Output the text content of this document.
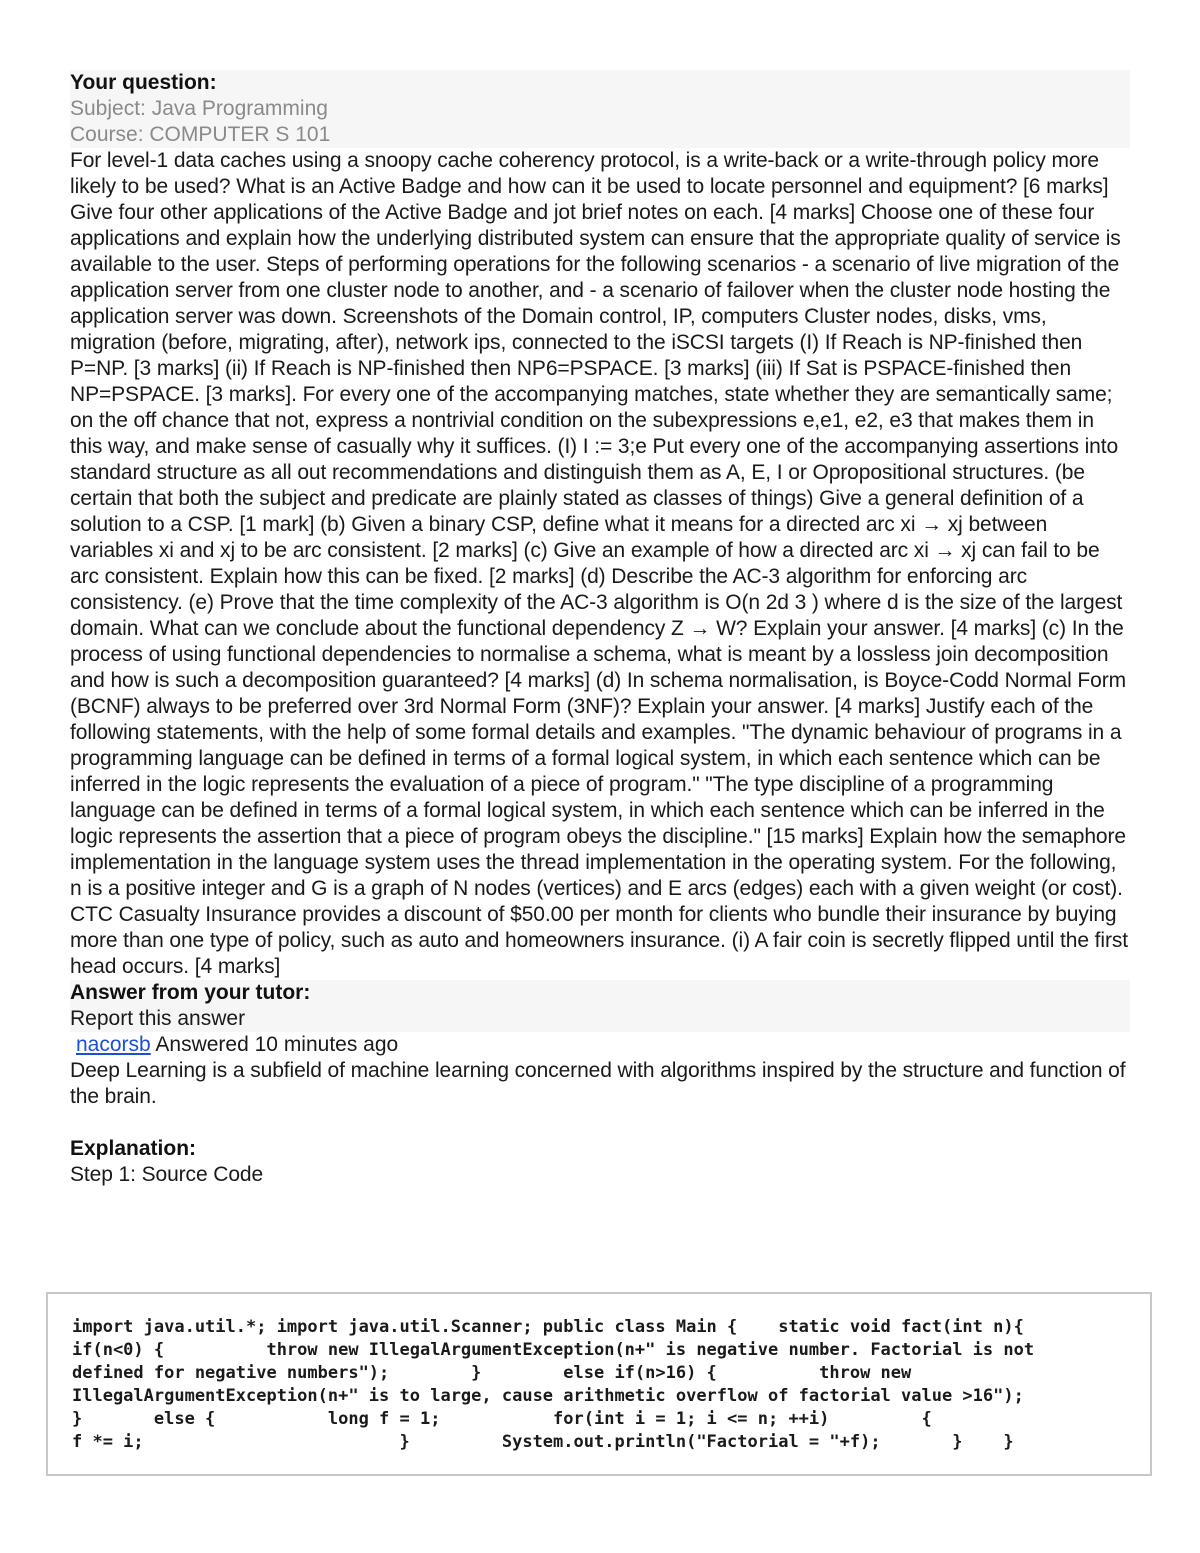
Your question:
Subject: Java Programming
Course: COMPUTER S 101
For level-1 data caches using a snoopy cache coherency protocol, is a write-back or a write-through policy more likely to be used? What is an Active Badge and how can it be used to locate personnel and equipment? [6 marks] Give four other applications of the Active Badge and jot brief notes on each. [4 marks] Choose one of these four applications and explain how the underlying distributed system can ensure that the appropriate quality of service is available to the user. Steps of performing operations for the following scenarios - a scenario of live migration of the application server from one cluster node to another, and - a scenario of failover when the cluster node hosting the application server was down. Screenshots of the Domain control, IP, computers Cluster nodes, disks, vms, migration (before, migrating, after), network ips, connected to the iSCSI targets (I) If Reach is NP-finished then P=NP. [3 marks] (ii) If Reach is NP-finished then NP6=PSPACE. [3 marks] (iii) If Sat is PSPACE-finished then NP=PSPACE. [3 marks]. For every one of the accompanying matches, state whether they are semantically same; on the off chance that not, express a nontrivial condition on the subexpressions e,e1, e2, e3 that makes them in this way, and make sense of casually why it suffices. (I) I := 3;e Put every one of the accompanying assertions into standard structure as all out recommendations and distinguish them as A, E, I or Opropositional structures. (be certain that both the subject and predicate are plainly stated as classes of things) Give a general definition of a solution to a CSP. [1 mark] (b) Given a binary CSP, define what it means for a directed arc xi → xj between variables xi and xj to be arc consistent. [2 marks] (c) Give an example of how a directed arc xi → xj can fail to be arc consistent. Explain how this can be fixed. [2 marks] (d) Describe the AC-3 algorithm for enforcing arc consistency. (e) Prove that the time complexity of the AC-3 algorithm is O(n 2d 3 ) where d is the size of the largest domain. What can we conclude about the functional dependency Z → W? Explain your answer. [4 marks] (c) In the process of using functional dependencies to normalise a schema, what is meant by a lossless join decomposition and how is such a decomposition guaranteed? [4 marks] (d) In schema normalisation, is Boyce-Codd Normal Form (BCNF) always to be preferred over 3rd Normal Form (3NF)? Explain your answer. [4 marks] Justify each of the following statements, with the help of some formal details and examples. "The dynamic behaviour of programs in a programming language can be defined in terms of a formal logical system, in which each sentence which can be inferred in the logic represents the evaluation of a piece of program." "The type discipline of a programming language can be defined in terms of a formal logical system, in which each sentence which can be inferred in the logic represents the assertion that a piece of program obeys the discipline." [15 marks] Explain how the semaphore implementation in the language system uses the thread implementation in the operating system. For the following, n is a positive integer and G is a graph of N nodes (vertices) and E arcs (edges) each with a given weight (or cost). CTC Casualty Insurance provides a discount of $50.00 per month for clients who bundle their insurance by buying more than one type of policy, such as auto and homeowners insurance. (i) A fair coin is secretly flipped until the first head occurs. [4 marks]
Answer from your tutor:
Report this answer
nacorsb Answered 10 minutes ago
Deep Learning is a subfield of machine learning concerned with algorithms inspired by the structure and function of the brain.
Explanation:
Step 1: Source Code
import java.util.*; import java.util.Scanner; public class Main {    static void fact(int n){
if(n<0) {          throw new IllegalArgumentException(n+" is negative number. Factorial is not
defined for negative numbers");        }        else if(n>16) {          throw new
IllegalArgumentException(n+" is to large, cause arithmetic overflow of factorial value >16");
}       else {           long f = 1;           for(int i = 1; i <= n; ++i)         {
f *= i;                         }         System.out.println("Factorial = "+f);       }    }
